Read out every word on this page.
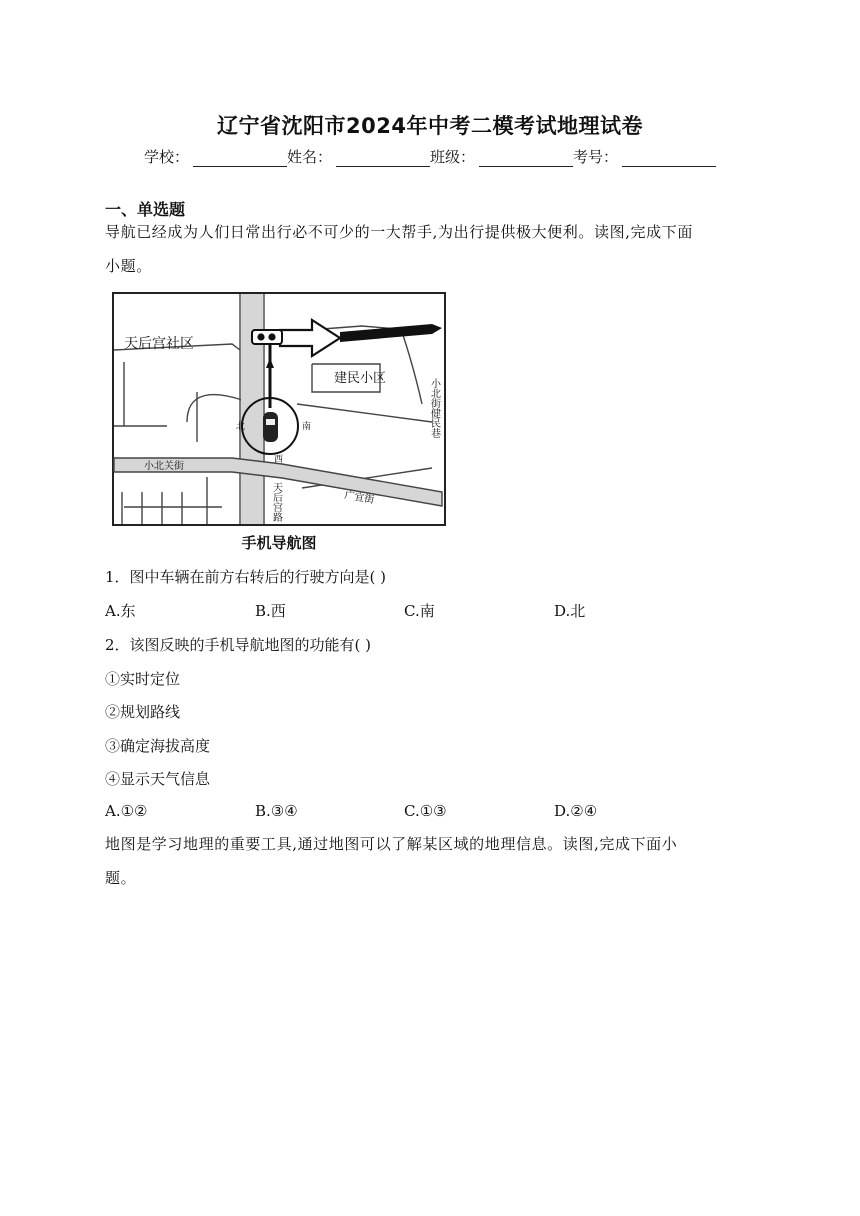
辽宁省沈阳市2024年中考二模考试地理试卷
学校：	姓名：	班级：	考号：
一、单选题
导航已经成为人们日常出行必不可少的一大帮手,为出行提供极大便利。读图,完成下面
小题。
天后宫社区
建民小区
小北关街
广宜街
天后宫路
小北街健民巷
北	南
西
手机导航图
1．图中车辆在前方右转后的行驶方向是( )
A.东	B.西	C.南	D.北
2．该图反映的手机导航地图的功能有( )
①实时定位
②规划路线
③确定海拔高度
④显示天气信息
A.①②	B.③④	C.①③	D.②④
地图是学习地理的重要工具,通过地图可以了解某区域的地理信息。读图,完成下面小
题。
